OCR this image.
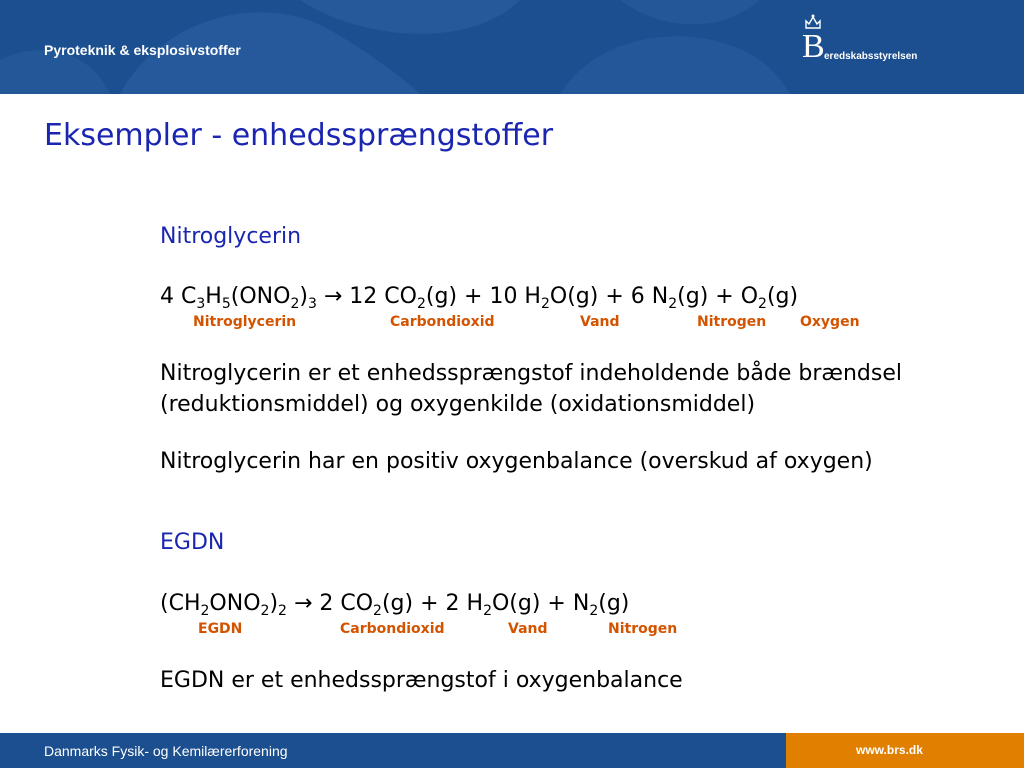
Pyroteknik & eksplosivstoffer	B eredskabsstyrelsen
Eksempler - enhedssprængstoffer
Nitroglycerin
4 $C_3H_5(ONO_2)_3 \to 12$ $CO_2(g) + 10$ $H_2O(g) + 6$ $N_2(g) + O_2(g)$
Nitroglycerin	Carbondioxid	Vand	Nitrogen Oxygen
Nitroglycerin er et enhedssprængstof indeholdende både brændsel
(reduktionsmiddel) og oxygenkilde (oxidationsmiddel)
Nitroglycerin har en positiv oxygenbalance (overskud af oxygen)
EGDN
$(CH_2ONO_2)_2 \to 2$ $CO_2(g) + 2$ $H_2O(g) + N_2(g)$
EGDN	Carbondioxid	Vand	Nitrogen
EGDN er et enhedssprængstof i oxygenbalance
Danmarks Fysik- og Kemilærerforening	www.brs.dk
